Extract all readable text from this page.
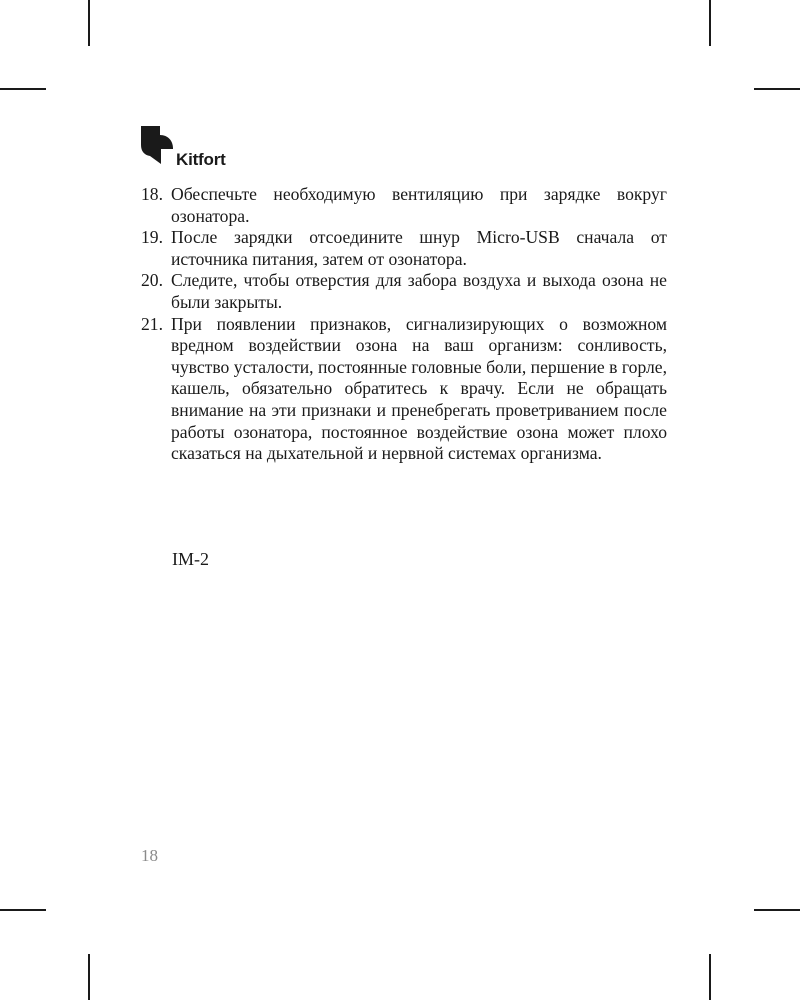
Kitfort
18. Обеспечьте необходимую вентиляцию при зарядке вокруг озонатора.
19. После зарядки отсоедините шнур Micro-USB сначала от источника питания, затем от озонатора.
20. Следите, чтобы отверстия для забора воздуха и выхода озона не были закрыты.
21. При появлении признаков, сигнализирующих о возможном вредном воздействии озона на ваш организм: сонливость, чувство усталости, постоянные головные боли, першение в горле, кашель, обязательно обратитесь к врачу. Если не обращать внимание на эти признаки и пренебрегать проветриванием после работы озонатора, постоянное воздействие озона может плохо сказаться на дыхательной и нервной системах организма.
IM-2
18
